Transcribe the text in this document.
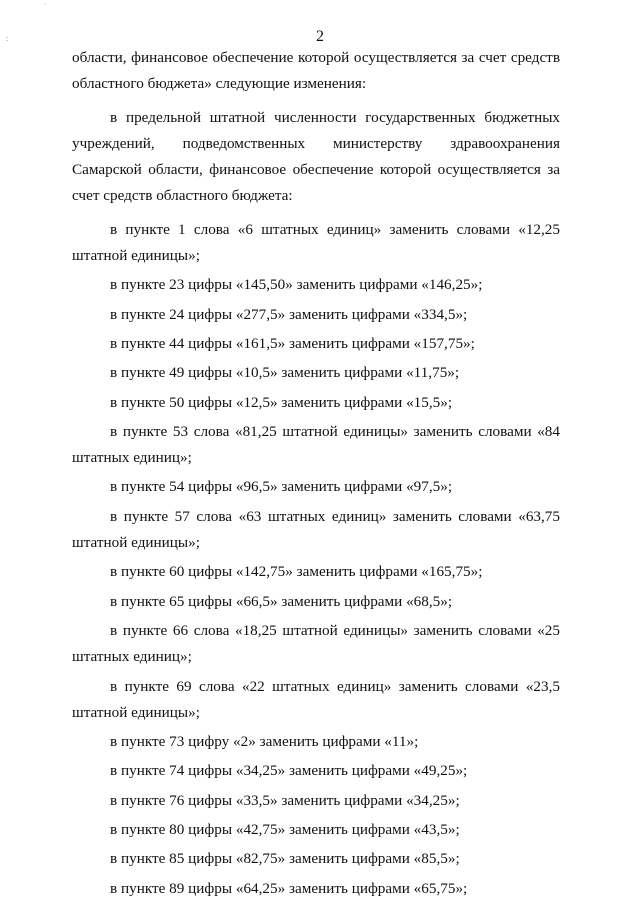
˙
:	2

области, финансовое обеспечение которой осуществляется за счет средств областного бюджета» следующие изменения:

в предельной штатной численности государственных бюджетных учреждений, подведомственных министерству здравоохранения Самарской области, финансовое обеспечение которой осуществляется за счет средств областного бюджета:

в пункте 1 слова «6 штатных единиц» заменить словами «12,25 штатной единицы»;

в пункте 23 цифры «145,50» заменить цифрами «146,25»;

в пункте 24 цифры «277,5» заменить цифрами «334,5»;

в пункте 44 цифры «161,5» заменить цифрами «157,75»;

в пункте 49 цифры «10,5» заменить цифрами «11,75»;

в пункте 50 цифры «12,5» заменить цифрами «15,5»;

в пункте 53 слова «81,25 штатной единицы» заменить словами «84 штатных единиц»;

в пункте 54 цифры «96,5» заменить цифрами «97,5»;

в пункте 57 слова «63 штатных единиц» заменить словами «63,75 штатной единицы»;

в пункте 60 цифры «142,75» заменить цифрами «165,75»;

в пункте 65 цифры «66,5» заменить цифрами «68,5»;

в пункте 66 слова «18,25 штатной единицы» заменить словами «25 штатных единиц»;

в пункте 69 слова «22 штатных единиц» заменить словами «23,5 штатной единицы»;

в пункте 73 цифру «2» заменить цифрами «11»;

в пункте 74 цифры «34,25» заменить цифрами «49,25»;

в пункте 76 цифры «33,5» заменить цифрами «34,25»;

в пункте 80 цифры «42,75» заменить цифрами «43,5»;

в пункте 85 цифры «82,75» заменить цифрами «85,5»;

в пункте 89 цифры «64,25» заменить цифрами «65,75»;
